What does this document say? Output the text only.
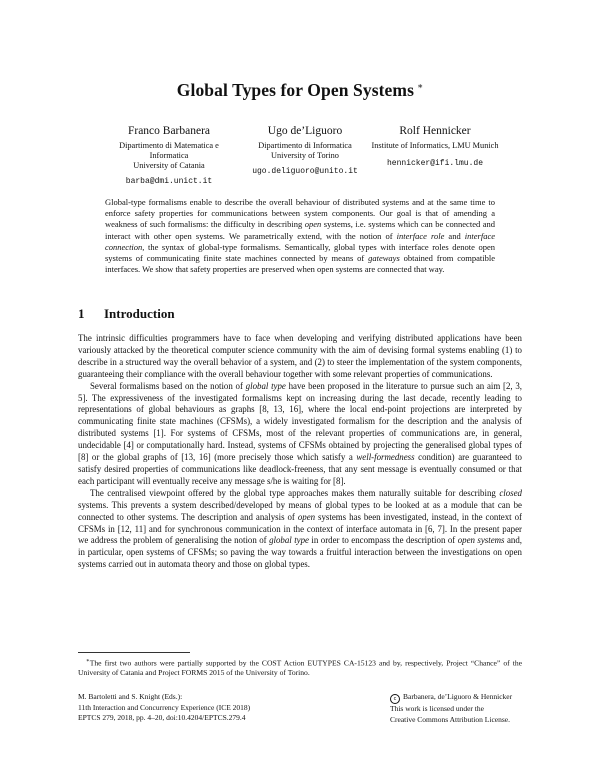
Global Types for Open Systems ∗
Franco Barbanera
Dipartimento di Matematica e Informatica
University of Catania
barba@dmi.unict.it
Ugo de’Liguoro
Dipartimento di Informatica
University of Torino
ugo.deliguoro@unito.it
Rolf Hennicker
Institute of Informatics, LMU Munich
hennicker@ifi.lmu.de
Global-type formalisms enable to describe the overall behaviour of distributed systems and at the same time to enforce safety properties for communications between system components. Our goal is that of amending a weakness of such formalisms: the difficulty in describing open systems, i.e. systems which can be connected and interact with other open systems. We parametrically extend, with the notion of interface role and interface connection, the syntax of global-type formalisms. Semantically, global types with interface roles denote open systems of communicating finite state machines connected by means of gateways obtained from compatible interfaces. We show that safety properties are preserved when open systems are connected that way.
1 Introduction

The intrinsic difficulties programmers have to face when developing and verifying distributed applications have been variously attacked by the theoretical computer science community with the aim of devising formal systems enabling (1) to describe in a structured way the overall behavior of a system, and (2) to steer the implementation of the system components, guaranteeing their compliance with the overall behaviour together with some relevant properties of communications.

Several formalisms based on the notion of global type have been proposed in the literature to pursue such an aim [2, 3, 5]. The expressiveness of the investigated formalisms kept on increasing during the last decade, recently leading to representations of global behaviours as graphs [8, 13, 16], where the local end-point projections are interpreted by communicating finite state machines (CFSMs), a widely investigated formalism for the description and the analysis of distributed systems [1]. For systems of CFSMs, most of the relevant properties of communications are, in general, undecidable [4] or computationally hard. Instead, systems of CFSMs obtained by projecting the generalised global types of [8] or the global graphs of [13, 16] (more precisely those which satisfy a well-formedness condition) are guaranteed to satisfy desired properties of communications like deadlock-freeness, that any sent message is eventually consumed or that each participant will eventually receive any message s/he is waiting for [8].

The centralised viewpoint offered by the global type approaches makes them naturally suitable for describing closed systems. This prevents a system described/developed by means of global types to be looked at as a module that can be connected to other systems. The description and analysis of open systems has been investigated, instead, in the context of CFSMs in [12, 11] and for synchronous communication in the context of interface automata in [6, 7]. In the present paper we address the problem of generalising the notion of global type in order to encompass the description of open systems and, in particular, open systems of CFSMs; so paving the way towards a fruitful interaction between the investigations on open systems carried out in automata theory and those on global types.

∗The first two authors were partially supported by the COST Action EUTYPES CA-15123 and by, respectively, Project “Chance” of the University of Catania and Project FORMS 2015 of the University of Torino.
M. Bartoletti and S. Knight (Eds.):
11th Interaction and Concurrency Experience (ICE 2018)
EPTCS 279, 2018, pp. 4–20, doi:10.4204/EPTCS.279.4
c Barbanera, de’Liguoro & Hennicker
This work is licensed under the
Creative Commons Attribution License.
